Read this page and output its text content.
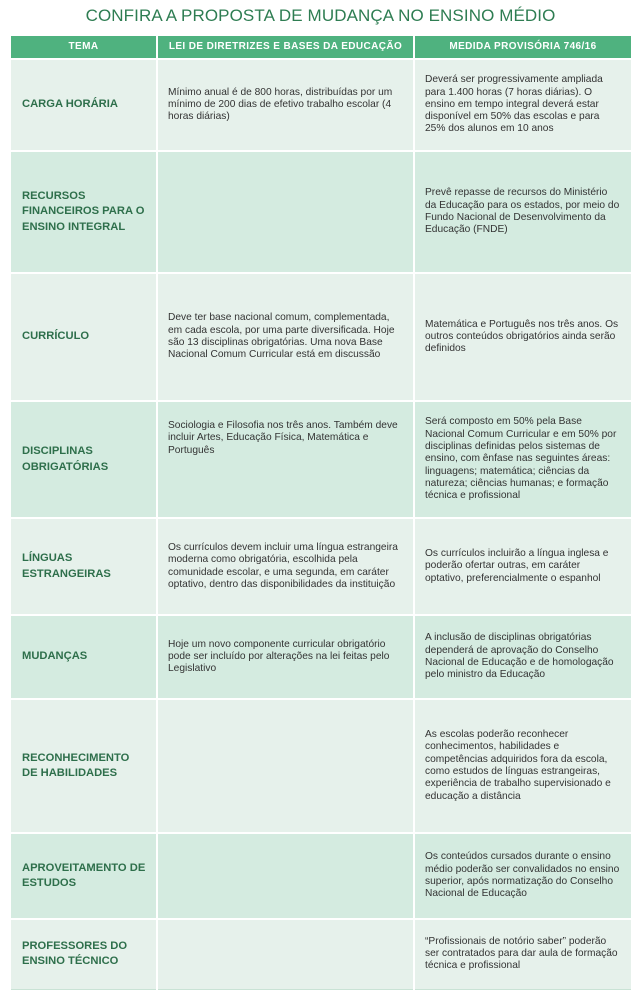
CONFIRA A PROPOSTA DE MUDANÇA NO ENSINO MÉDIO
TEMA	LEI DE DIRETRIZES E BASES DA EDUCAÇÃO	MEDIDA PROVISÓRIA 746/16
CARGA HORÁRIA	Mínimo anual é de 800 horas, distribuídas por um mínimo de 200 dias de efetivo trabalho escolar (4 horas diárias)	Deverá ser progressivamente ampliada para 1.400 horas (7 horas diárias). O ensino em tempo integral deverá estar disponível em 50% das escolas e para 25% dos alunos em 10 anos
RECURSOS FINANCEIROS PARA O ENSINO INTEGRAL		Prevê repasse de recursos do Ministério da Educação para os estados, por meio do Fundo Nacional de Desenvolvimento da Educação (FNDE)
CURRÍCULO	Deve ter base nacional comum, complementada, em cada escola, por uma parte diversificada. Hoje são 13 disciplinas obrigatórias. Uma nova Base Nacional Comum Curricular está em discussão	Matemática e Português nos três anos. Os outros conteúdos obrigatórios ainda serão definidos
DISCIPLINAS OBRIGATÓRIAS	Sociologia e Filosofia nos três anos. Também deve incluir Artes, Educação Física, Matemática e Português	Será composto em 50% pela Base Nacional Comum Curricular e em 50% por disciplinas definidas pelos sistemas de ensino, com ênfase nas seguintes áreas: linguagens; matemática; ciências da natureza; ciências humanas; e formação técnica e profissional
LÍNGUAS ESTRANGEIRAS	Os currículos devem incluir uma língua estrangeira moderna como obrigatória, escolhida pela comunidade escolar, e uma segunda, em caráter optativo, dentro das disponibilidades da instituição	Os currículos incluirão a língua inglesa e poderão ofertar outras, em caráter optativo, preferencialmente o espanhol
MUDANÇAS	Hoje um novo componente curricular obrigatório pode ser incluído por alterações na lei feitas pelo Legislativo	A inclusão de disciplinas obrigatórias dependerá de aprovação do Conselho Nacional de Educação e de homologação pelo ministro da Educação
RECONHECIMENTO DE HABILIDADES		As escolas poderão reconhecer conhecimentos, habilidades e competências adquiridos fora da escola, como estudos de línguas estrangeiras, experiência de trabalho supervisionado e educação a distância
APROVEITAMENTO DE ESTUDOS		Os conteúdos cursados durante o ensino médio poderão ser convalidados no ensino superior, após normatização do Conselho Nacional de Educação
PROFESSORES DO ENSINO TÉCNICO		“Profissionais de notório saber” poderão ser contratados para dar aula de formação técnica e profissional
